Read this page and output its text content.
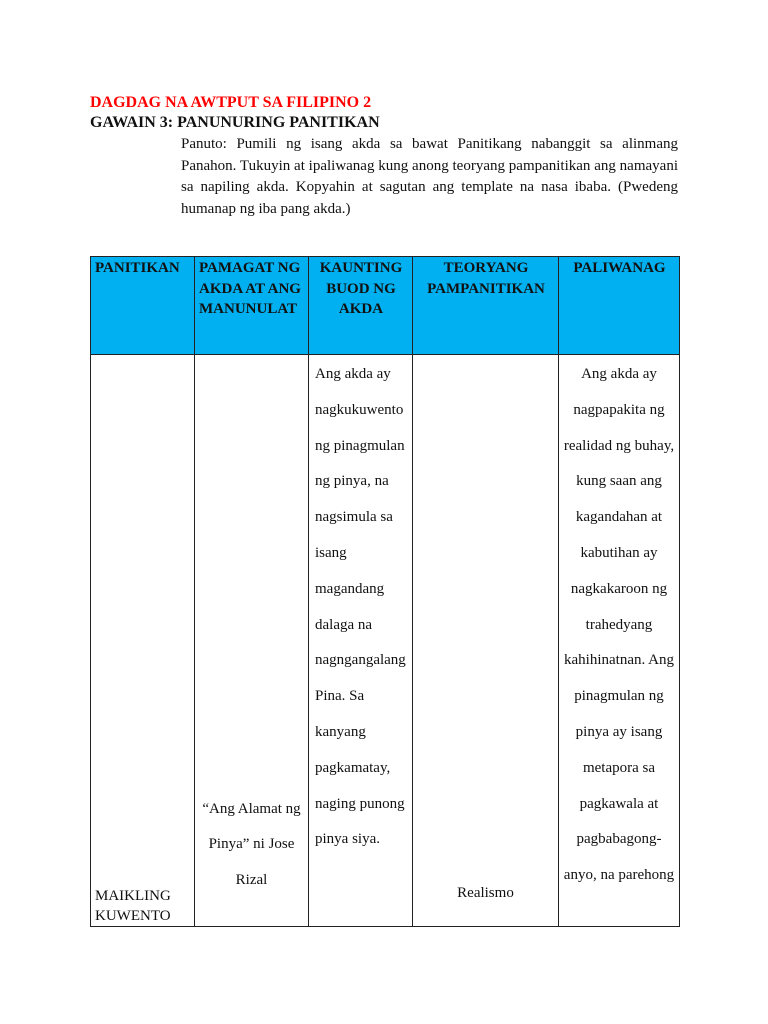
DAGDAG NA AWTPUT SA FILIPINO 2
GAWAIN 3: PANUNURING PANITIKAN

Panuto: Pumili ng isang akda sa bawat Panitikang nabanggit sa alinmang Panahon. Tukuyin at ipaliwanag kung anong teoryang pampanitikan ang namayani sa napiling akda. Kopyahin at sagutan ang template na nasa ibaba. (Pwedeng humanap ng iba pang akda.)

PANITIKAN	PAMAGAT NG AKDA AT ANG MANUNULAT	KAUNTING BUOD NG AKDA	TEORYANG PAMPANITIKAN	PALIWANAG

MAIKLING KUWENTO	“Ang Alamat ng Pinya” ni Jose Rizal	Ang akda ay nagkukuwento ng pinagmulan ng pinya, na nagsimula sa isang magandang dalaga na nagngangalang Pina. Sa kanyang pagkamatay, naging punong pinya siya.	Realismo	Ang akda ay nagpapakita ng realidad ng buhay, kung saan ang kagandahan at kabutihan ay nagkakaroon ng trahedyang kahihinatnan. Ang pinagmulan ng pinya ay isang metapora sa pagkawala at pagbabagong-anyo, na parehong
